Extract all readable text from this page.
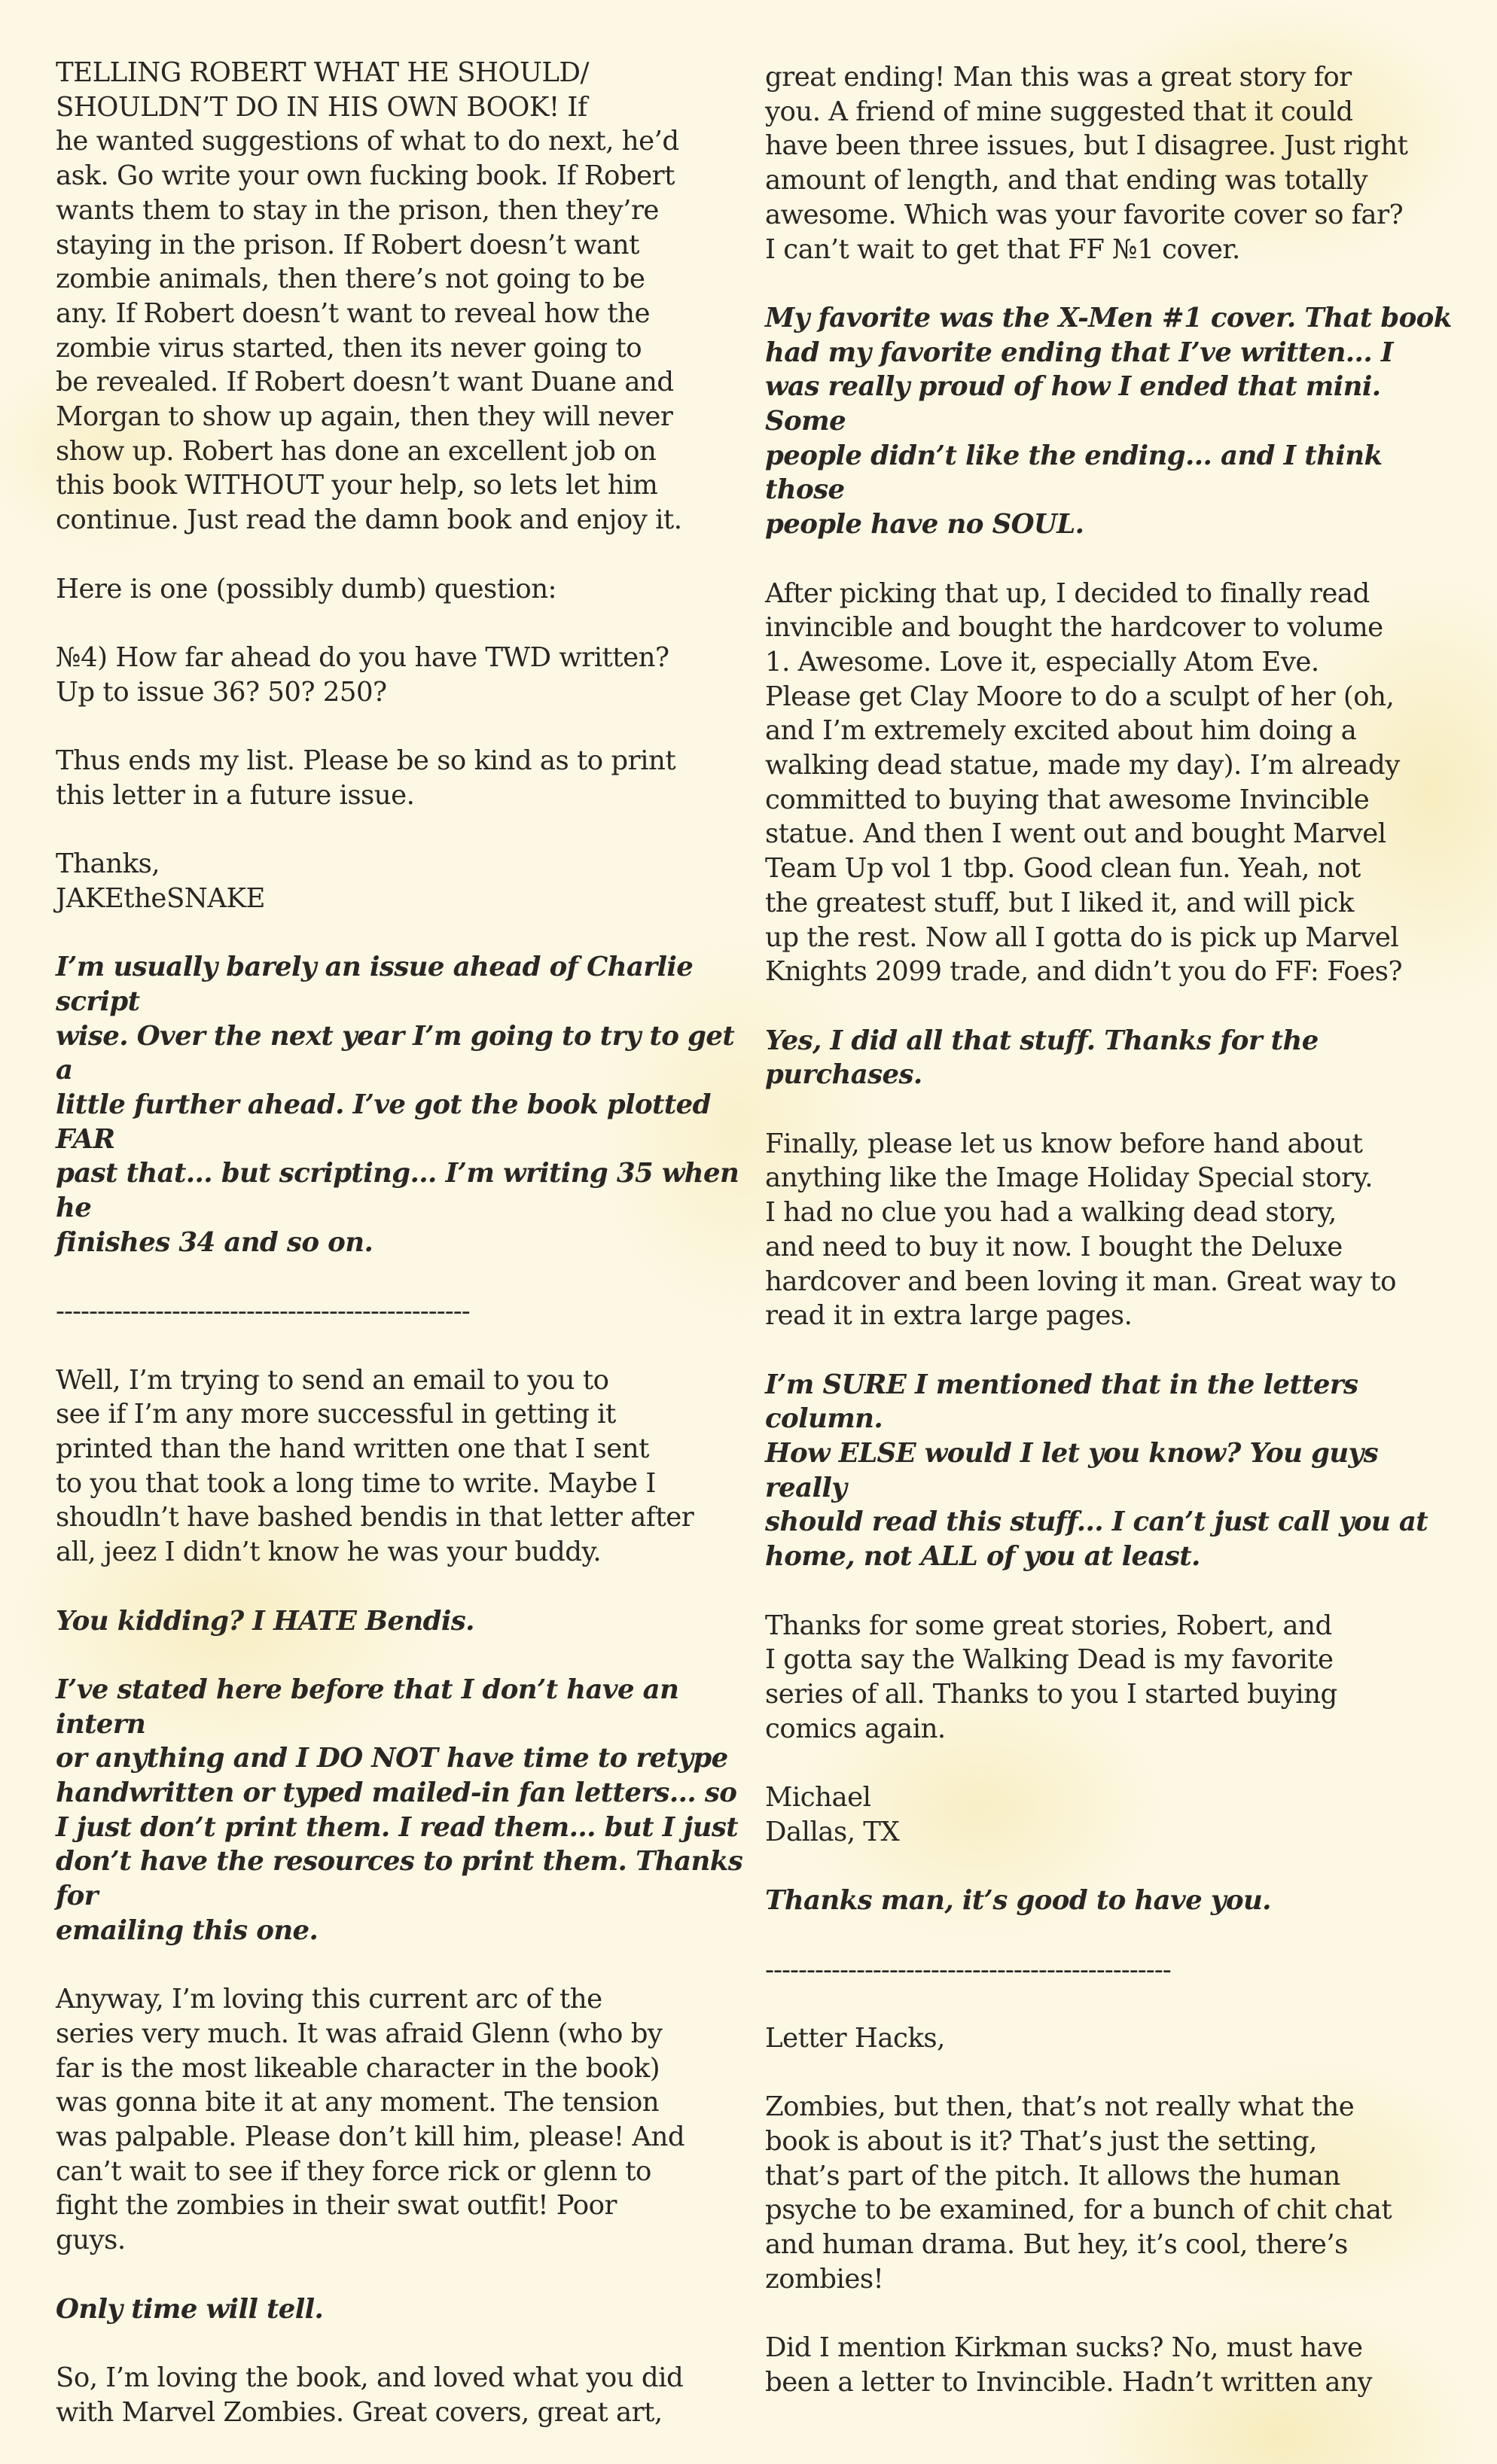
TELLING ROBERT WHAT HE SHOULD/
SHOULDN’T DO IN HIS OWN BOOK! If
he wanted suggestions of what to do next, he’d
ask. Go write your own fucking book. If Robert
wants them to stay in the prison, then they’re
staying in the prison. If Robert doesn’t want
zombie animals, then there’s not going to be
any. If Robert doesn’t want to reveal how the
zombie virus started, then its never going to
be revealed. If Robert doesn’t want Duane and
Morgan to show up again, then they will never
show up. Robert has done an excellent job on
this book WITHOUT your help, so lets let him
continue. Just read the damn book and enjoy it.

Here is one (possibly dumb) question:

№4) How far ahead do you have TWD written?
Up to issue 36? 50? 250?

Thus ends my list. Please be so kind as to print
this letter in a future issue.

Thanks,
JAKEtheSNAKE

I’m usually barely an issue ahead of Charlie script
wise. Over the next year I’m going to try to get a
little further ahead. I’ve got the book plotted FAR
past that... but scripting... I’m writing 35 when he
finishes 34 and so on.

--------------------------------------------------

Well, I’m trying to send an email to you to
see if I’m any more successful in getting it
printed than the hand written one that I sent
to you that took a long time to write. Maybe I
shoudln’t have bashed bendis in that letter after
all, jeez I didn’t know he was your buddy.

You kidding? I HATE Bendis.

I’ve stated here before that I don’t have an intern
or anything and I DO NOT have time to retype
handwritten or typed mailed-in fan letters... so
I just don’t print them. I read them... but I just
don’t have the resources to print them. Thanks for
emailing this one.

Anyway, I’m loving this current arc of the
series very much. It was afraid Glenn (who by
far is the most likeable character in the book)
was gonna bite it at any moment. The tension
was palpable. Please don’t kill him, please! And
can’t wait to see if they force rick or glenn to
fight the zombies in their swat outfit! Poor
guys.

Only time will tell.

So, I’m loving the book, and loved what you did
with Marvel Zombies. Great covers, great art,

great ending! Man this was a great story for
you. A friend of mine suggested that it could
have been three issues, but I disagree. Just right
amount of length, and that ending was totally
awesome. Which was your favorite cover so far?
I can’t wait to get that FF №1 cover.

My favorite was the X-Men #1 cover. That book
had my favorite ending that I’ve written... I
was really proud of how I ended that mini. Some
people didn’t like the ending... and I think those
people have no SOUL.

After picking that up, I decided to finally read
invincible and bought the hardcover to volume
1. Awesome. Love it, especially Atom Eve.
Please get Clay Moore to do a sculpt of her (oh,
and I’m extremely excited about him doing a
walking dead statue, made my day). I’m already
committed to buying that awesome Invincible
statue. And then I went out and bought Marvel
Team Up vol 1 tbp. Good clean fun. Yeah, not
the greatest stuff, but I liked it, and will pick
up the rest. Now all I gotta do is pick up Marvel
Knights 2099 trade, and didn’t you do FF: Foes?

Yes, I did all that stuff. Thanks for the purchases.

Finally, please let us know before hand about
anything like the Image Holiday Special story.
I had no clue you had a walking dead story,
and need to buy it now. I bought the Deluxe
hardcover and been loving it man. Great way to
read it in extra large pages.

I’m SURE I mentioned that in the letters column.
How ELSE would I let you know? You guys really
should read this stuff... I can’t just call you at
home, not ALL of you at least.

Thanks for some great stories, Robert, and
I gotta say the Walking Dead is my favorite
series of all. Thanks to you I started buying
comics again.

Michael
Dallas, TX

Thanks man, it’s good to have you.

-------------------------------------------------

Letter Hacks,

Zombies, but then, that’s not really what the
book is about is it? That’s just the setting,
that’s part of the pitch. It allows the human
psyche to be examined, for a bunch of chit chat
and human drama. But hey, it’s cool, there’s
zombies!

Did I mention Kirkman sucks? No, must have
been a letter to Invincible. Hadn’t written any
